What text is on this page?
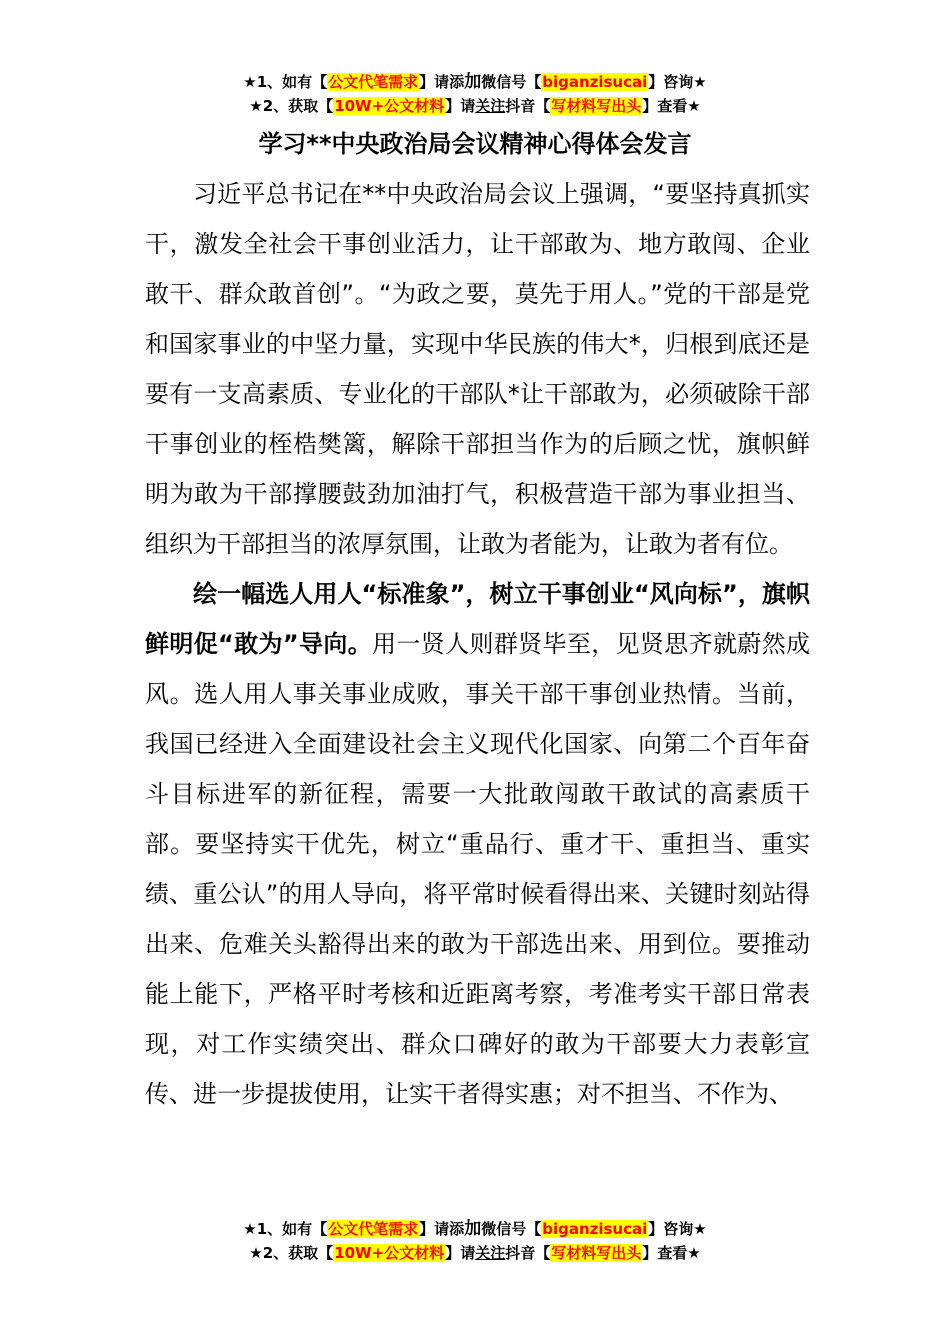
★1、如有【公文代笔需求】请添加微信号【biganzisucai】咨询★
★2、获取【10W+公文材料】请关注抖音【写材料写出头】查看★
学习**中央政治局会议精神心得体会发言

习近平总书记在**中央政治局会议上强调，“要坚持真抓实干，激发全社会干事创业活力，让干部敢为、地方敢闯、企业敢干、群众敢首创”。“为政之要，莫先于用人。”党的干部是党和国家事业的中坚力量，实现中华民族的伟大*，归根到底还是要有一支高素质、专业化的干部队*让干部敢为，必须破除干部干事创业的桎梏樊篱，解除干部担当作为的后顾之忧，旗帜鲜明为敢为干部撑腰鼓劲加油打气，积极营造干部为事业担当、组织为干部担当的浓厚氛围，让敢为者能为，让敢为者有位。

绘一幅选人用人“标准象”，树立干事创业“风向标”，旗帜鲜明促“敢为”导向。用一贤人则群贤毕至，见贤思齐就蔚然成风。选人用人事关事业成败，事关干部干事创业热情。当前，我国已经进入全面建设社会主义现代化国家、向第二个百年奋斗目标进军的新征程，需要一大批敢闯敢干敢试的高素质干部。要坚持实干优先，树立“重品行、重才干、重担当、重实绩、重公认”的用人导向，将平常时候看得出来、关键时刻站得出来、危难关头豁得出来的敢为干部选出来、用到位。要推动能上能下，严格平时考核和近距离考察，考准考实干部日常表现，对工作实绩突出、群众口碑好的敢为干部要大力表彰宣传、进一步提拔使用，让实干者得实惠；对不担当、不作为、

★1、如有【公文代笔需求】请添加微信号【biganzisucai】咨询★
★2、获取【10W+公文材料】请关注抖音【写材料写出头】查看★
